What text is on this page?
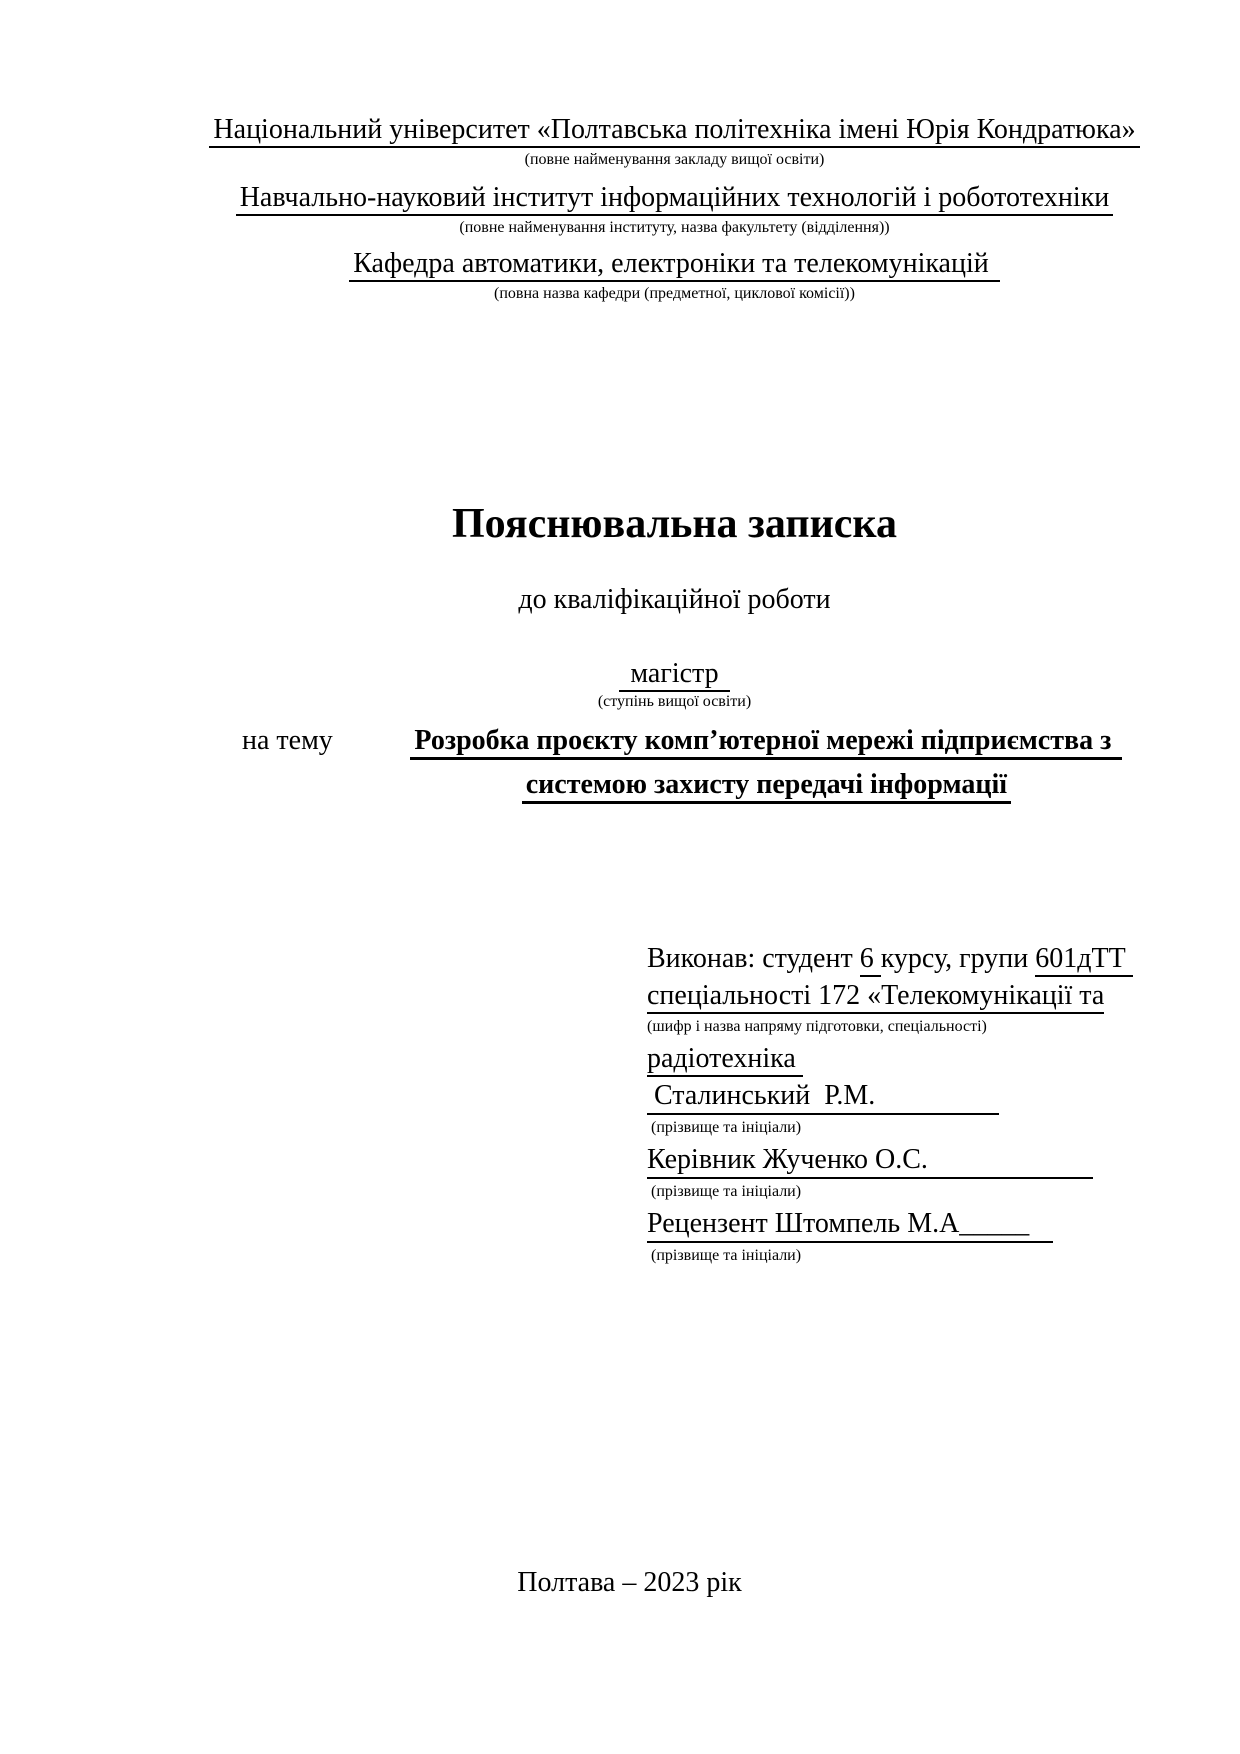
Національний університет «Полтавська політехніка імені Юрія Кондратюка»
(повне найменування закладу вищої освіти)
Навчально-науковий інститут інформаційних технологій і робототехніки
(повне найменування інституту, назва факультету (відділення))
Кафедра автоматики, електроніки та телекомунікацій
(повна назва кафедри (предметної, циклової комісії))
Пояснювальна записка
до кваліфікаційної роботи
магістр
(ступінь вищої освіти)
на тему	Розробка проєкту комп’ютерної мережі підприємства з
системою захисту передачі інформації
Виконав: студент 6 курсу, групи 601дТТ
спеціальності 172 «Телекомунікації та
(шифр і назва напряму підготовки, спеціальності)
радіотехніка
Сталинський  Р.М.
(прізвище та ініціали)
Керівник Жученко О.С.
(прізвище та ініціали)
Рецензент Штомпель М.А_____
(прізвище та ініціали)
Полтава – 2023 рік
